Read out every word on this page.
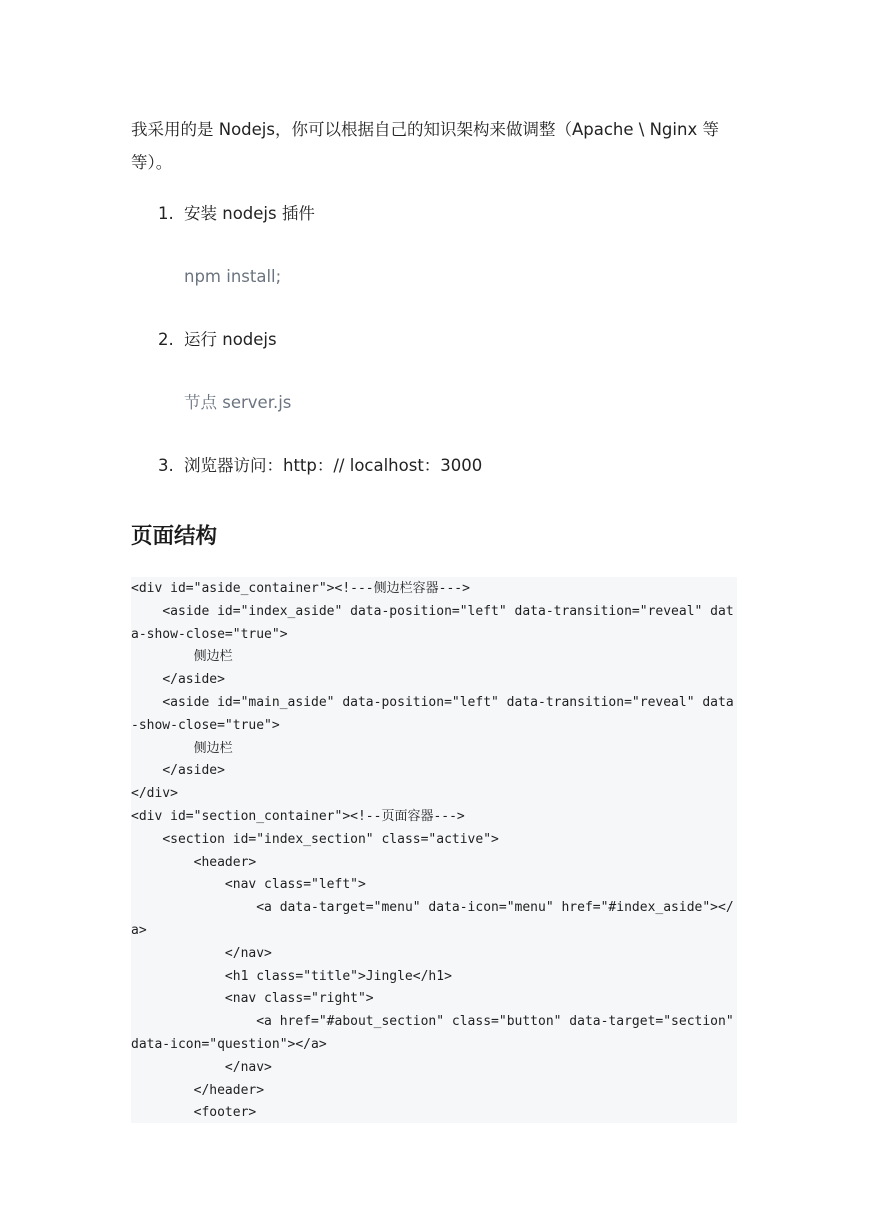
我采用的是 Nodejs，你可以根据自己的知识架构来做调整（Apache \ Nginx 等等）。

1. 安装 nodejs 插件
npm install;
2. 运行 nodejs
节点 server.js
3. 浏览器访问：http：// localhost：3000
页面结构
<div id="aside_container"><!---侧边栏容器--->
<aside id="index_aside" data-position="left" data-transition="reveal" data-show-close="true">
侧边栏
</aside>
<aside id="main_aside" data-position="left" data-transition="reveal" data-show-close="true">
侧边栏
</aside>
</div>
<div id="section_container"><!--页面容器--->
<section id="index_section" class="active">
<header>
<nav class="left">
<a data-target="menu" data-icon="menu" href="#index_aside"></a>
</nav>
<h1 class="title">Jingle</h1>
<nav class="right">
<a href="#about_section" class="button" data-target="section" data-icon="question"></a>
</nav>
</header>
<footer>
